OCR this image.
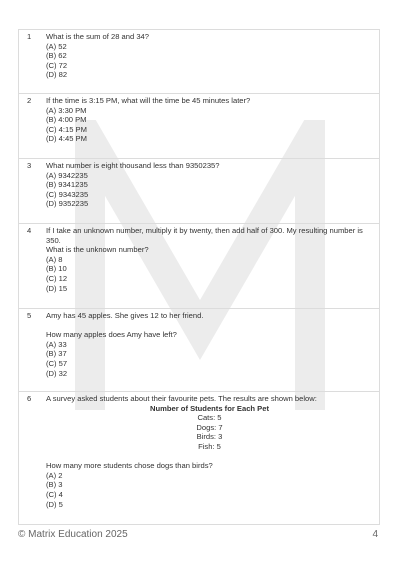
1	What is the sum of 28 and 34?
(A) 52
(B) 62
(C) 72
(D) 82
2	If the time is 3:15 PM, what will the time be 45 minutes later?
(A) 3:30 PM
(B) 4:00 PM
(C) 4:15 PM
(D) 4:45 PM
3	What number is eight thousand less than 9350235?
(A) 9342235
(B) 9341235
(C) 9343235
(D) 9352235
4	If I take an unknown number, multiply it by twenty, then add half of 300. My resulting number is 350.
What is the unknown number?
(A) 8
(B) 10
(C) 12
(D) 15
5	Amy has 45 apples. She gives 12 to her friend.
How many apples does Amy have left?
(A) 33
(B) 37
(C) 57
(D) 32
6	A survey asked students about their favourite pets. The results are shown below:
Number of Students for Each Pet
Cats: 5
Dogs: 7
Birds: 3
Fish: 5
How many more students chose dogs than birds?
(A) 2
(B) 3
(C) 4
(D) 5
© Matrix Education 2025	4
